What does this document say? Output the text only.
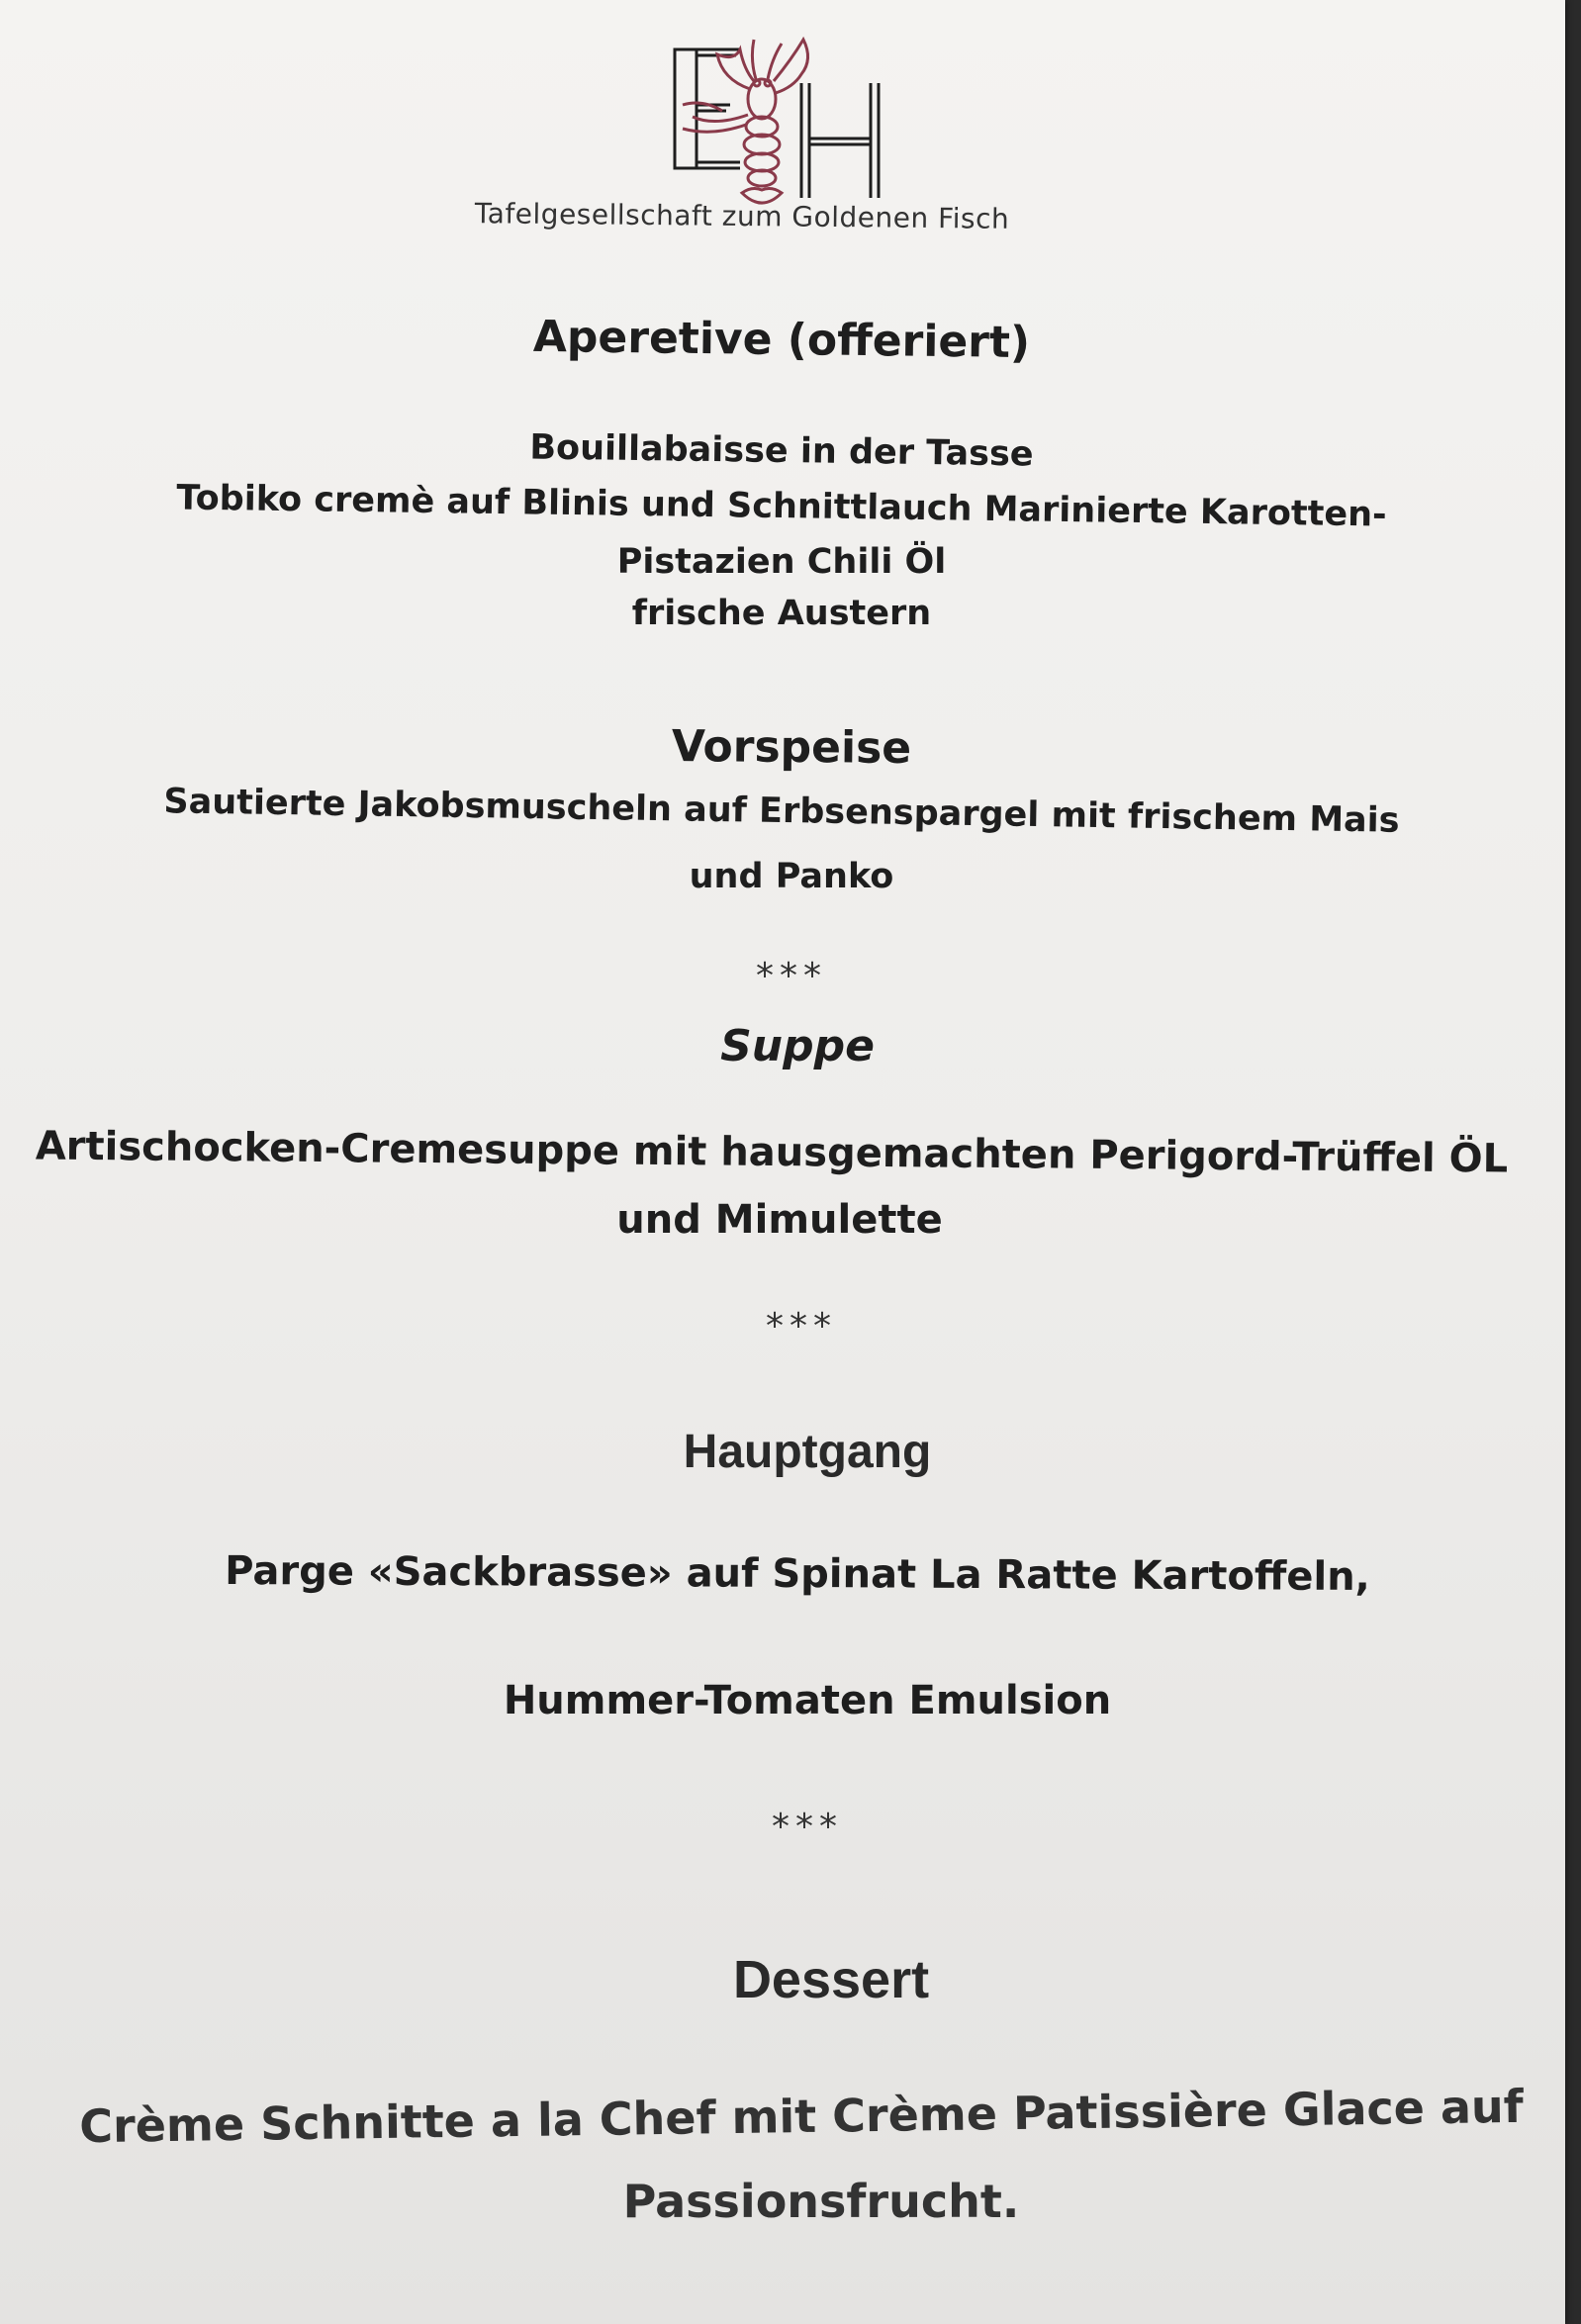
Tafelgesellschaft zum Goldenen Fisch
Aperetive (offeriert)
Bouillabaisse in der Tasse
Tobiko cremè auf Blinis und Schnittlauch Marinierte Karotten-
Pistazien Chili Öl
frische Austern
Vorspeise
Sautierte Jakobsmuscheln auf Erbsenspargel mit frischem Mais
und Panko
***
Suppe
Artischocken-Cremesuppe mit hausgemachten Perigord-Trüffel ÖL
und Mimulette
***
Hauptgang
Parge «Sackbrasse» auf Spinat La Ratte Kartoffeln,
Hummer-Tomaten Emulsion
***
Dessert
Crème Schnitte a la Chef mit Crème Patissière Glace auf
Passionsfrucht.
